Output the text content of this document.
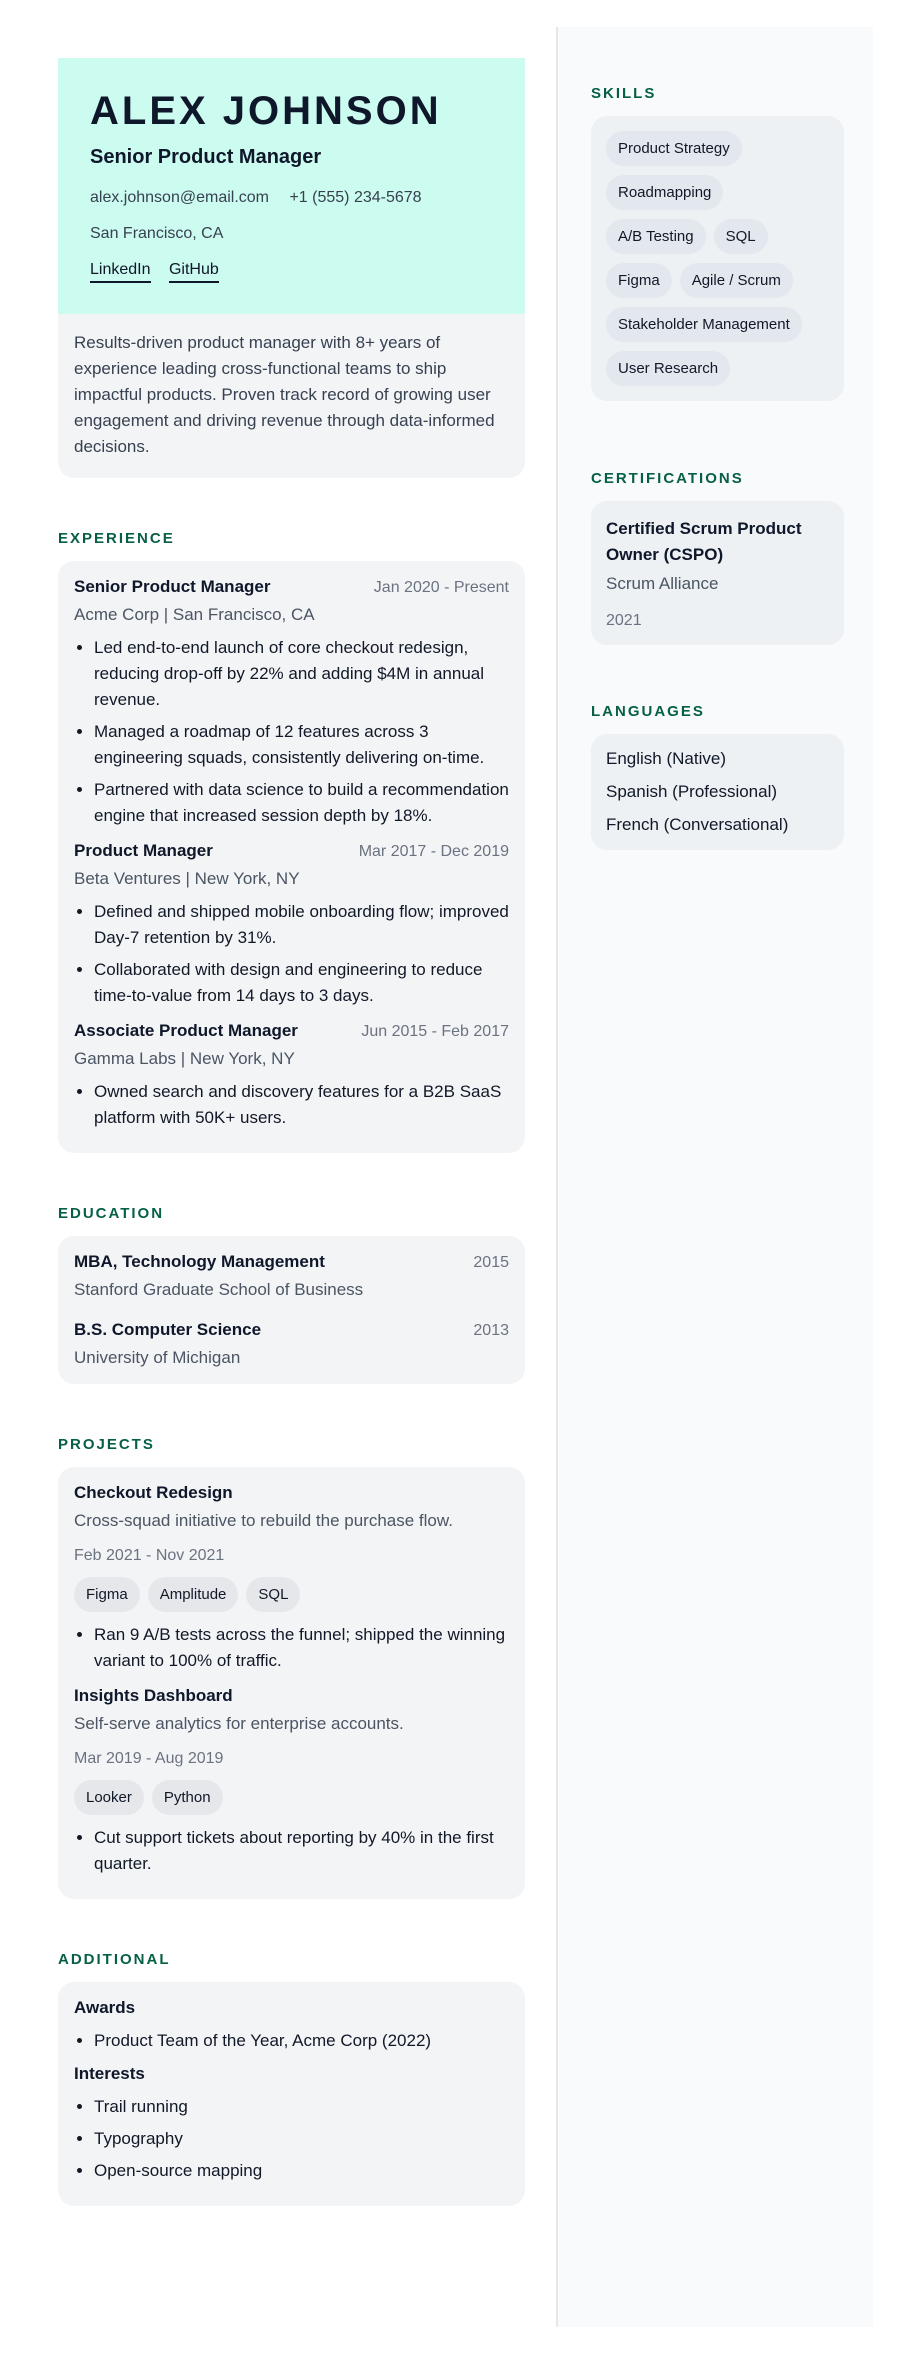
ALEX JOHNSON
Senior Product Manager
alex.johnson@email.com +1 (555) 234-5678
San Francisco, CA
LinkedIn GitHub
Results-driven product manager with 8+ years of experience leading cross-functional teams to ship impactful products. Proven track record of growing user engagement and driving revenue through data-informed decisions.
EXPERIENCE
Senior Product Manager	Jan 2020 - Present
Acme Corp | San Francisco, CA
• Led end-to-end launch of core checkout redesign, reducing drop-off by 22% and adding $4M in annual revenue.
• Managed a roadmap of 12 features across 3 engineering squads, consistently delivering on-time.
• Partnered with data science to build a recommendation engine that increased session depth by 18%.
Product Manager	Mar 2017 - Dec 2019
Beta Ventures | New York, NY
• Defined and shipped mobile onboarding flow; improved Day-7 retention by 31%.
• Collaborated with design and engineering to reduce time-to-value from 14 days to 3 days.
Associate Product Manager	Jun 2015 - Feb 2017
Gamma Labs | New York, NY
• Owned search and discovery features for a B2B SaaS platform with 50K+ users.
EDUCATION
MBA, Technology Management	2015
Stanford Graduate School of Business
B.S. Computer Science	2013
University of Michigan
PROJECTS
Checkout Redesign
Cross-squad initiative to rebuild the purchase flow.
Feb 2021 - Nov 2021
Figma	Amplitude	SQL
• Ran 9 A/B tests across the funnel; shipped the winning variant to 100% of traffic.
Insights Dashboard
Self-serve analytics for enterprise accounts.
Mar 2019 - Aug 2019
Looker	Python
• Cut support tickets about reporting by 40% in the first quarter.
ADDITIONAL
Awards
• Product Team of the Year, Acme Corp (2022)
Interests
• Trail running
• Typography
• Open-source mapping
SKILLS
Product Strategy
Roadmapping
A/B Testing	SQL
Figma	Agile / Scrum
Stakeholder Management
User Research
CERTIFICATIONS
Certified Scrum Product Owner (CSPO)
Scrum Alliance
2021
LANGUAGES
English (Native)
Spanish (Professional)
French (Conversational)
